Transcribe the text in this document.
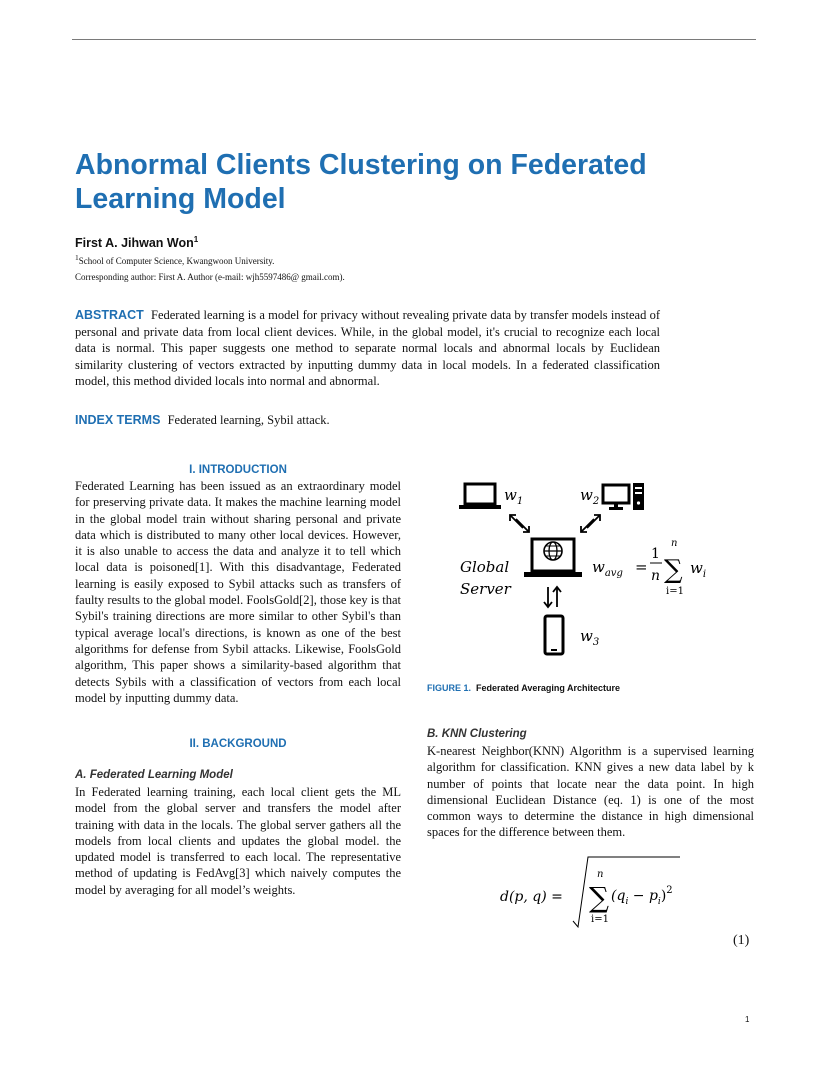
Abnormal Clients Clustering on Federated Learning Model
First A. Jihwan Won$^1$
$^1$School of Computer Science, Kwangwoon University.
Corresponding author: First A. Author (e-mail: wjh5597486@ gmail.com).
ABSTRACT Federated learning is a model for privacy without revealing private data by transfer models instead of personal and private data from local client devices. While, in the global model, it's crucial to recognize each local data is normal. This paper suggests one method to separate normal locals and abnormal locals by Euclidean similarity clustering of vectors extracted by inputting dummy data in local models. In a federated classification model, this method divided locals into normal and abnormal.
INDEX TERMS Federated learning, Sybil attack.
I. INTRODUCTION
Federated Learning has been issued as an extraordinary model for preserving private data. It makes the machine learning model in the global model train without sharing personal and private data which is distributed to many other local devices. However, it is also unable to access the data and analyze it to tell which local data is poisoned[1]. With this disadvantage, Federated learning is easily exposed to Sybil attacks such as transfers of faulty results to the global model. FoolsGold[2], those key is that Sybil's training directions are more similar to other Sybil's than typical average local's directions, is known as one of the best algorithms for defense from Sybil attacks. Likewise, FoolsGold algorithm, This paper shows a similarity-based algorithm that detects Sybils with a classification of vectors from each local model by inputting dummy data.
II. BACKGROUND
A. Federated Learning Model
In Federated learning training, each local client gets the ML model from the global server and transfers the model after training with data in the locals. The global server gathers all the models from local clients and updates the global model. the updated model is transferred to each local. The representative method of updating is FedAvg[3] which naively computes the model by averaging for all model’s weights.
$w_1$	$w_2$
Global
Server
$w_{avg}$ =
1
n
n
∑
i=1
$w_i$
$w_3$
FIGURE 1. Federated Averaging Architecture
B. KNN Clustering
K-nearest Neighbor(KNN) Algorithm is a supervised learning algorithm for classification. KNN gives a new data label by k number of points that locate near the data point. In high dimensional Euclidean Distance (eq. 1) is one of the most common ways to determine the distance in high dimensional spaces for the difference between them.
d(p, q) =
n
∑
i=1
$(q_i - p_i)^2$
(1)
1
